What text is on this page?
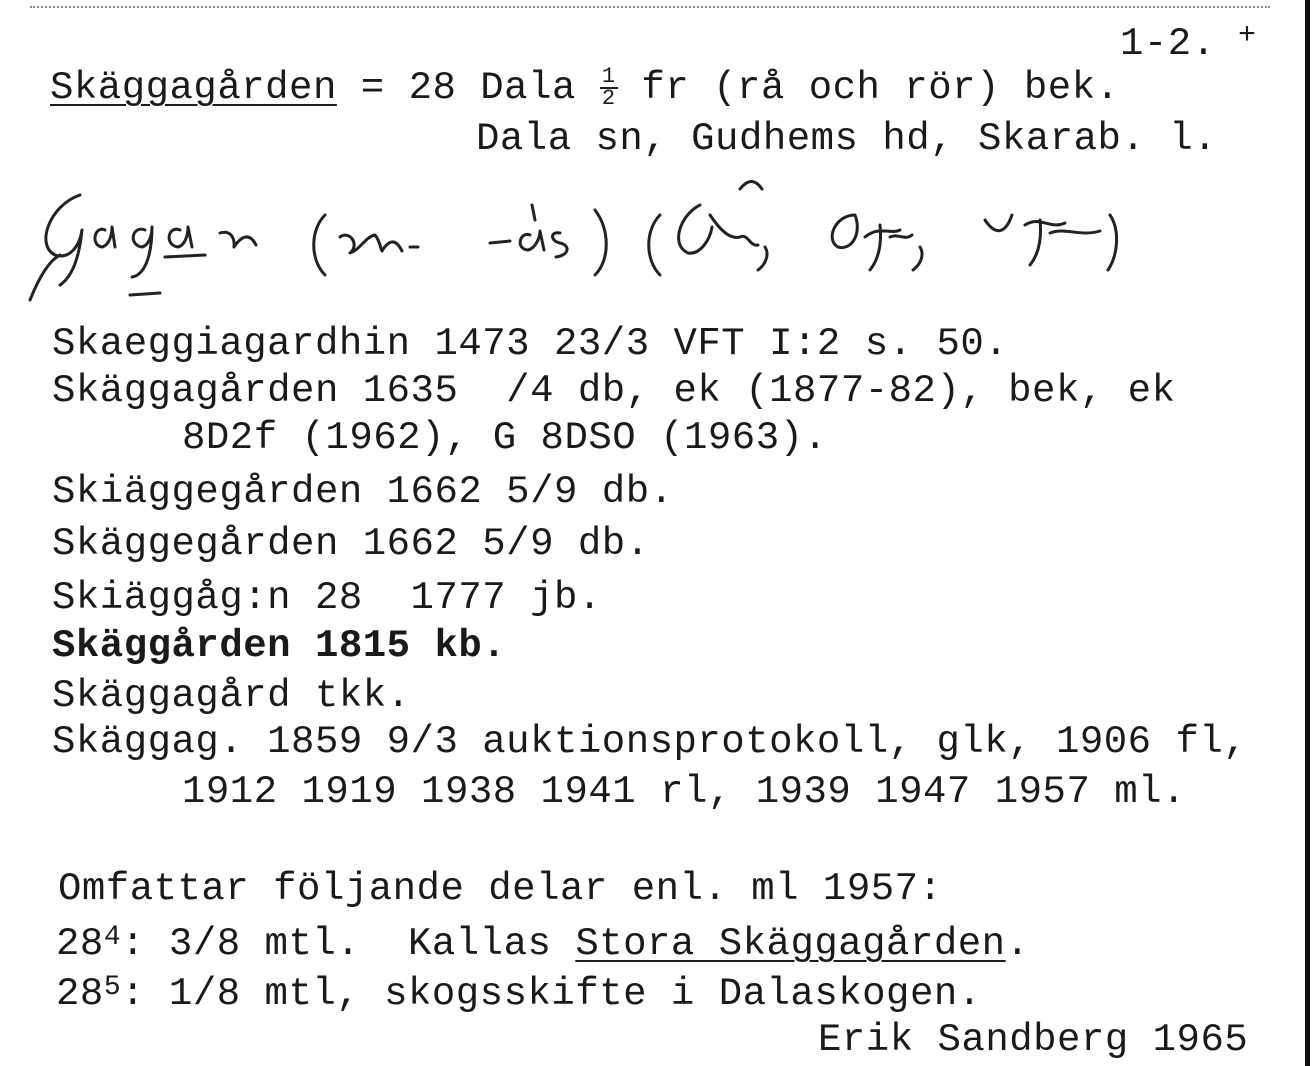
1-2. +
Skäggagården = 28 Dala $\frac{1}{2}$ fr (rå och rör) bek.
Dala sn, Gudhems hd, Skarab. l.
Skaeggiagardhin 1473 23/3 VFT I:2 s. 50.
Skäggagården 1635  /4 db, ek (1877-82), bek, ek
8D2f (1962), G 8DSO (1963).
Skiäggegården 1662 5/9 db.
Skäggegården 1662 5/9 db.
Skiäggåg:n 28  1777 jb.
Skäggården 1815 kb.
Skäggagård tkk.
Skäggag. 1859 9/3 auktionsprotokoll, glk, 1906 fl,
1912 1919 1938 1941 rl, 1939 1947 1957 ml.
Omfattar följande delar enl. ml 1957:
$28^4$: 3/8 mtl.  Kallas Stora Skäggagården.
$28^5$: 1/8 mtl, skogsskifte i Dalaskogen.
Erik Sandberg 1965
